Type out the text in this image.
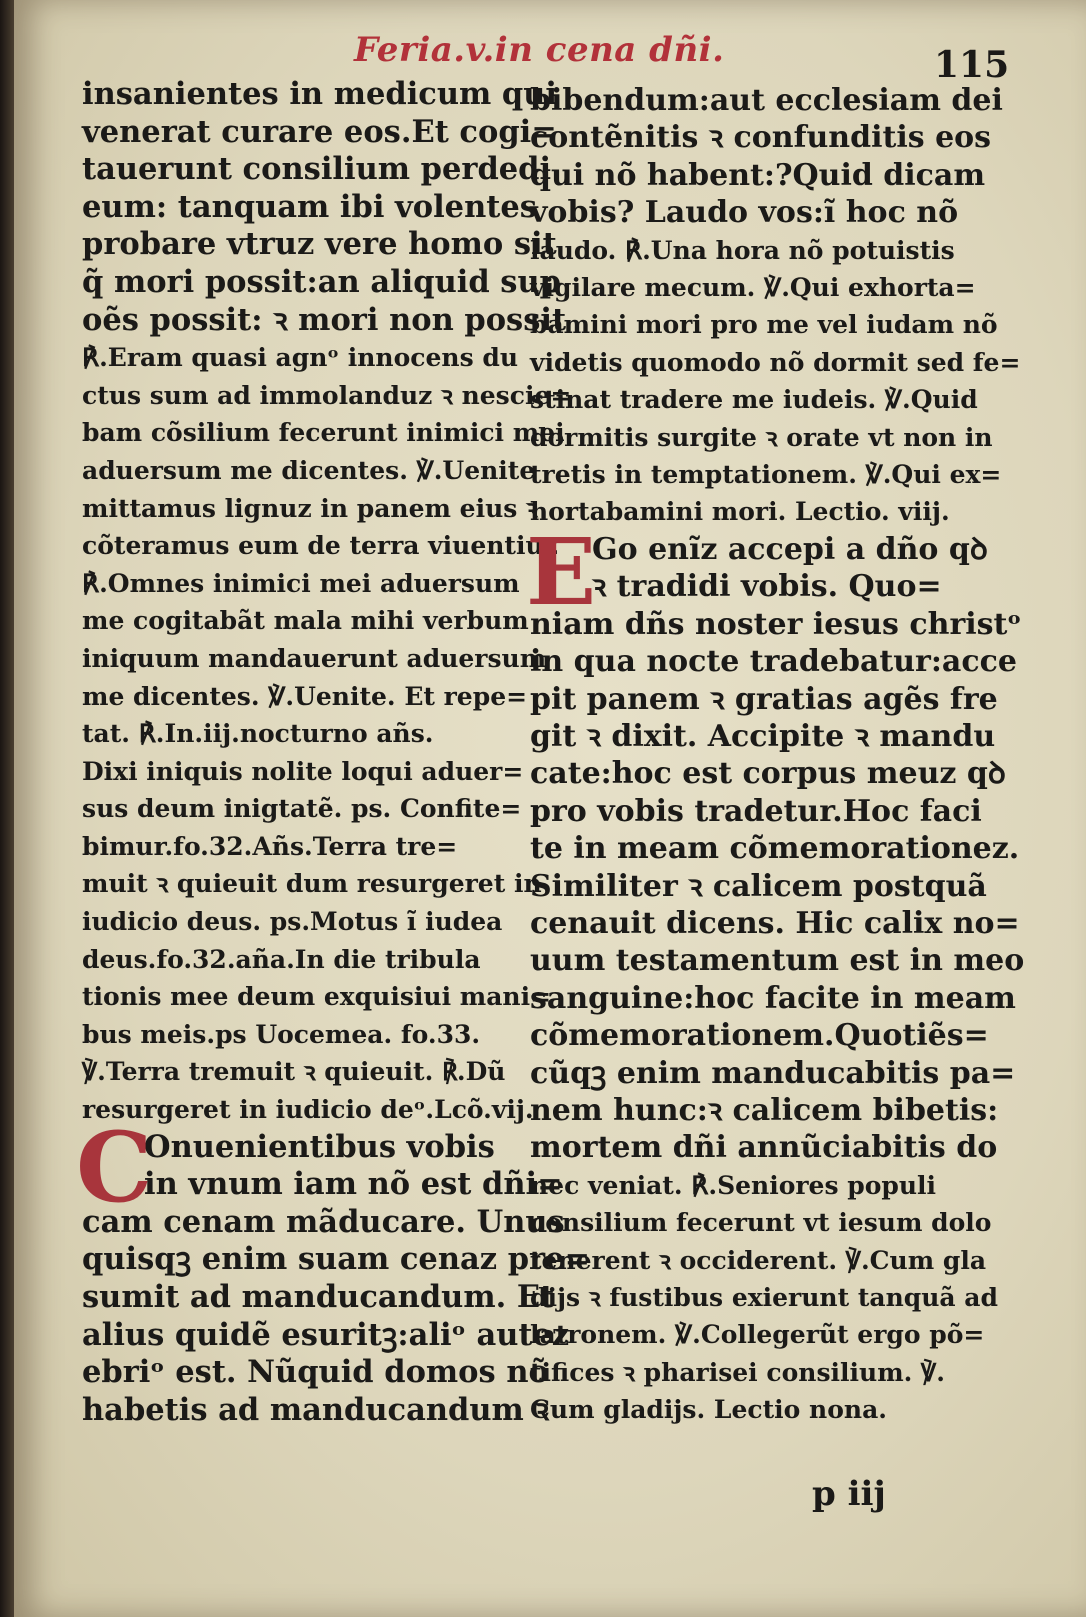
Feria.v.in cena dñi.	115
insanientes in medicum qui
venerat curare eos.Et cogi=
tauerunt consilium perdedi
eum: tanquam ibi volentes
probare vtruz vere homo sit
q̃ mori possit:an aliquid sup
oẽs possit: ꝛ mori non possit
℟.Eram quasi agnᵒ innocens du
ctus sum ad immolanduz ꝛ nescie=
bam cõsilium fecerunt inimici mei
aduersum me dicentes. ℣.Uenite
mittamus lignuz in panem eius ꝛ
cõteramus eum de terra viuentiuz
℟.Omnes inimici mei aduersum
me cogitabãt mala mihi verbum
iniquum mandauerunt aduersum
me dicentes. ℣.Uenite. Et repe=
tat. ℟.In.iij.nocturno añs.
Dixi iniquis nolite loqui aduer=
sus deum inigtatẽ. ps. Confite=
bimur.fo.32.Añs.Terra tre=
muit ꝛ quieuit dum resurgeret in
iudicio deus. ps.Motus ĩ iudea
deus.fo.32.aña.In die tribula
tionis mee deum exquisiui mani=
bus meis.ps Uocemea. fo.33.
℣.Terra tremuit ꝛ quieuit. ℟.Dũ
resurgeret in iudicio deᵒ.Lcõ.vij.
C
Onuenientibus vobis
in vnum iam nõ est dñi=
cam cenam mãducare. Unus
quisqꝫ enim suam cenaz pre=
sumit ad manducandum. Et
alius quidẽ esuritꝫ:aliᵒ autez
ebriᵒ est. Nũquid domos nõ
habetis ad manducandum ꝛ
bibendum:aut ecclesiam dei
contẽnitis ꝛ confunditis eos
qui nõ habent:?Quid dicam
vobis? Laudo vos:ĩ hoc nõ
laudo. ℟.Una hora nõ potuistis
vigilare mecum. ℣.Qui exhorta=
bamini mori pro me vel iudam nõ
videtis quomodo nõ dormit sed fe=
stinat tradere me iudeis. ℣.Quid
dormitis surgite ꝛ orate vt non in
tretis in temptationem. ℣.Qui ex=
hortabamini mori. Lectio. viij.
E
Go enĩz accepi a dño qꝺ
ꝛ tradidi vobis. Quo=
niam dñs noster iesus christᵒ
in qua nocte tradebatur:acce
pit panem ꝛ gratias agẽs fre
git ꝛ dixit. Accipite ꝛ mandu
cate:hoc est corpus meuz qꝺ
pro vobis tradetur.Hoc faci
te in meam cõmemorationez.
Similiter ꝛ calicem postquã
cenauit dicens. Hic calix no=
uum testamentum est in meo
sanguine:hoc facite in meam
cõmemorationem.Quotiẽs=
cũqꝫ enim manducabitis pa=
nem hunc:ꝛ calicem bibetis:
mortem dñi annũciabitis do
nec veniat. ℟.Seniores populi
consilium fecerunt vt iesum dolo
tenerent ꝛ occiderent. ℣.Cum gla
dijs ꝛ fustibus exierunt tanquã ad
latronem. ℣.Collegerũt ergo põ=
tifices ꝛ pharisei consilium. ℣.
Cum gladijs. Lectio nona.
p iij
